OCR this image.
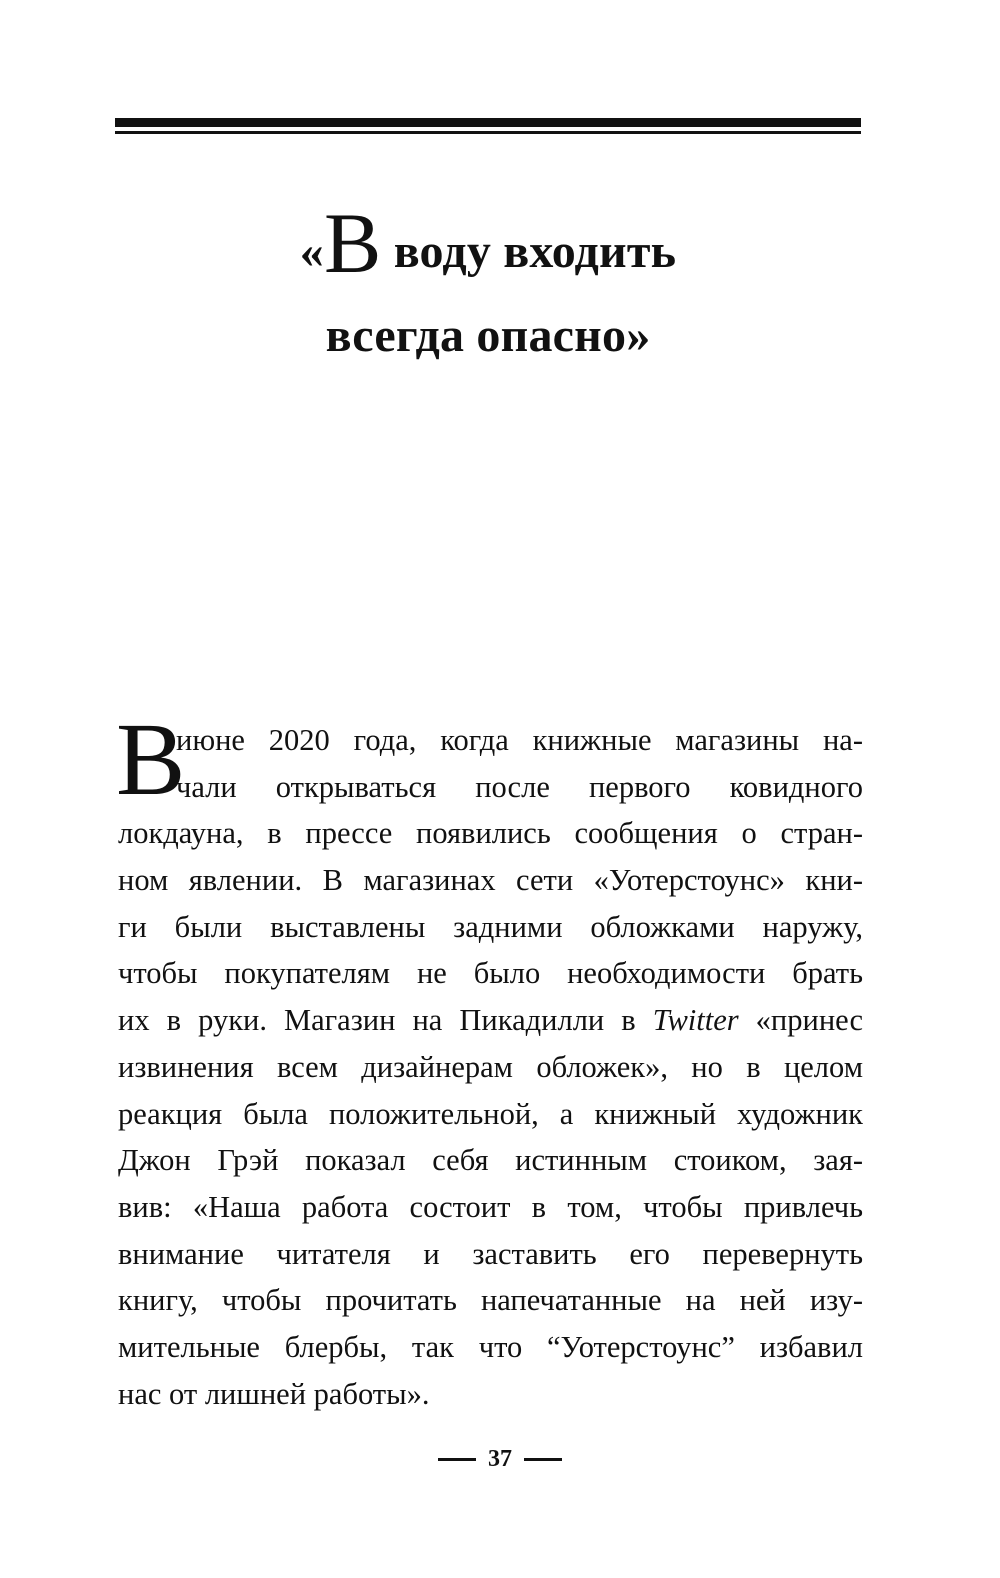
«В воду входить
всегда опасно»
В
июне 2020 года, когда книжные магазины на-
чали открываться после первого ковидного
локдауна, в прессе появились сообщения о стран-
ном явлении. В магазинах сети «Уотерстоунс» кни-
ги были выставлены задними обложками наружу,
чтобы покупателям не было необходимости брать
их в руки. Магазин на Пикадилли в Twitter «принес
извинения всем дизайнерам обложек», но в целом
реакция была положительной, а книжный художник
Джон Грэй показал себя истинным стоиком, зая-
вив: «Наша работа состоит в том, чтобы привлечь
внимание читателя и заставить его перевернуть
книгу, чтобы прочитать напечатанные на ней изу-
мительные блербы, так что “Уотерстоунс” избавил
нас от лишней работы».
37
